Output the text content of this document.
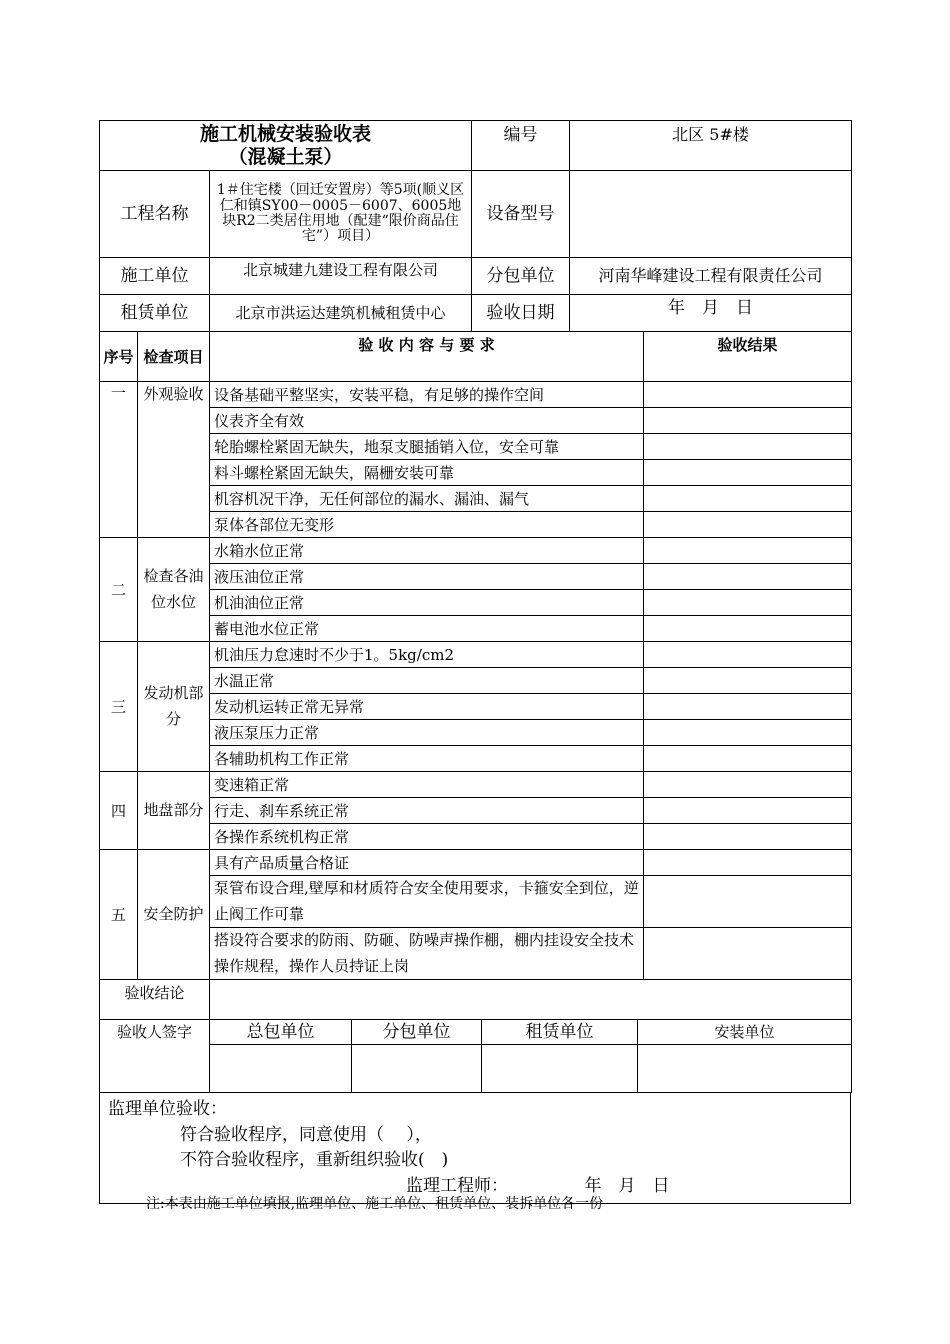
施工机械安装验收表
（混凝土泵）		编号	北区 5#楼
工程名称	1＃住宅楼（回迁安置房）等5项(顺义区仁和镇SY00－0005－6007、6005地块R2二类居住用地（配建“限价商品住宅”）项目）	设备型号	
施工单位	北京城建九建设工程有限公司	分包单位	河南华峰建设工程有限责任公司
租赁单位	北京市洪运达建筑机械租赁中心	验收日期	年　月　日
序号	检查项目	验 收 内 容 与 要 求	验收结果
一	外观验收	设备基础平整坚实，安装平稳，有足够的操作空间	
		仪表齐全有效	
		轮胎螺栓紧固无缺失，地泵支腿插销入位，安全可靠	
		料斗螺栓紧固无缺失，隔栅安装可靠	
		机容机况干净，无任何部位的漏水、漏油、漏气	
		泵体各部位无变形	
二	检查各油位水位	水箱水位正常	
		液压油位正常	
		机油油位正常	
		蓄电池水位正常	
三	发动机部分	机油压力怠速时不少于1。5kg/cm2	
		水温正常	
		发动机运转正常无异常	
		液压泵压力正常	
		各辅助机构工作正常	
四	地盘部分	变速箱正常	
		行走、刹车系统正常	
		各操作系统机构正常	
五	安全防护	具有产品质量合格证	
		泵管布设合理,壁厚和材质符合安全使用要求，卡箍安全到位，逆止阀工作可靠	
		搭设符合要求的防雨、防砸、防噪声操作棚，棚内挂设安全技术操作规程，操作人员持证上岗	
验收结论			
验收人签字	总包单位	分包单位	租赁单位	安装单位

监理单位验收：
符合验收程序，同意使用（　 ），
不符合验收程序，重新组织验收(　)
监理工程师：　　　　　年　月　日
注:本表由施工单位填报,监理单位、施工单位、租赁单位、装拆单位各一份
